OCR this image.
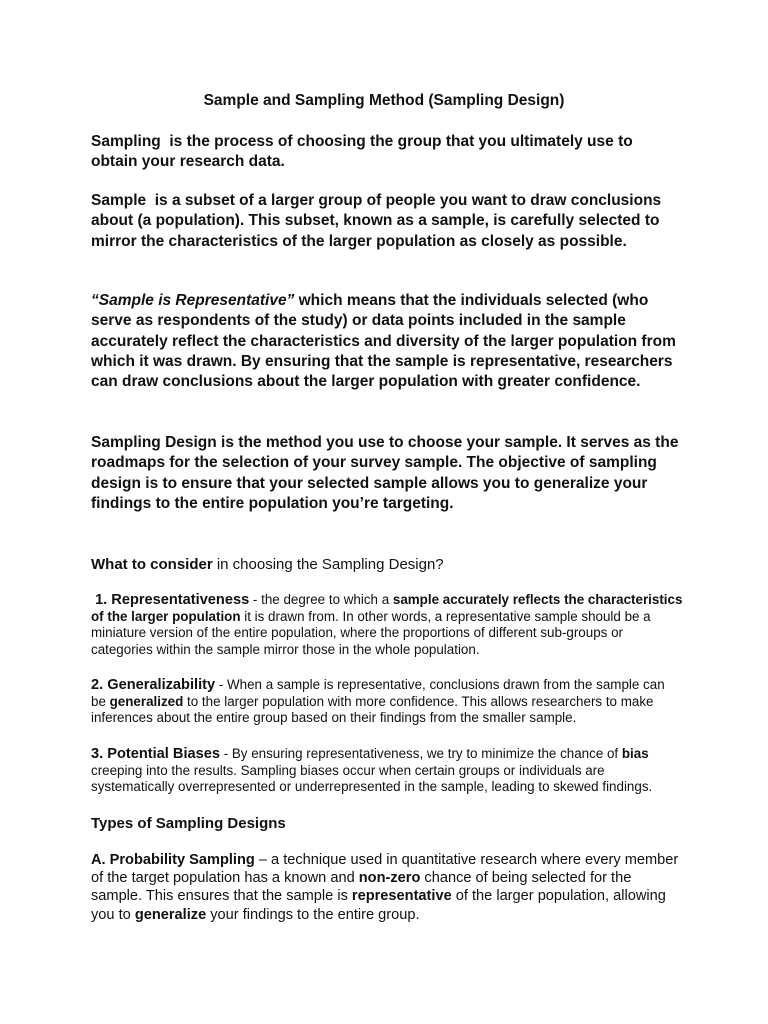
Sample and Sampling Method (Sampling Design)

Sampling  is the process of choosing the group that you ultimately use to obtain your research data.

Sample  is a subset of a larger group of people you want to draw conclusions about (a population). This subset, known as a sample, is carefully selected to mirror the characteristics of the larger population as closely as possible.

“Sample is Representative” which means that the individuals selected (who serve as respondents of the study) or data points included in the sample accurately reflect the characteristics and diversity of the larger population from which it was drawn. By ensuring that the sample is representative, researchers can draw conclusions about the larger population with greater confidence.

Sampling Design is the method you use to choose your sample. It serves as the roadmaps for the selection of your survey sample. The objective of sampling design is to ensure that your selected sample allows you to generalize your findings to the entire population you’re targeting.

What to consider in choosing the Sampling Design?

1. Representativeness - the degree to which a sample accurately reflects the characteristics of the larger population it is drawn from. In other words, a representative sample should be a miniature version of the entire population, where the proportions of different sub-groups or categories within the sample mirror those in the whole population.

2. Generalizability - When a sample is representative, conclusions drawn from the sample can be generalized to the larger population with more confidence. This allows researchers to make inferences about the entire group based on their findings from the smaller sample.

3. Potential Biases - By ensuring representativeness, we try to minimize the chance of bias creeping into the results. Sampling biases occur when certain groups or individuals are systematically overrepresented or underrepresented in the sample, leading to skewed findings.

Types of Sampling Designs

A. Probability Sampling – a technique used in quantitative research where every member of the target population has a known and non-zero chance of being selected for the sample. This ensures that the sample is representative of the larger population, allowing you to generalize your findings to the entire group.
